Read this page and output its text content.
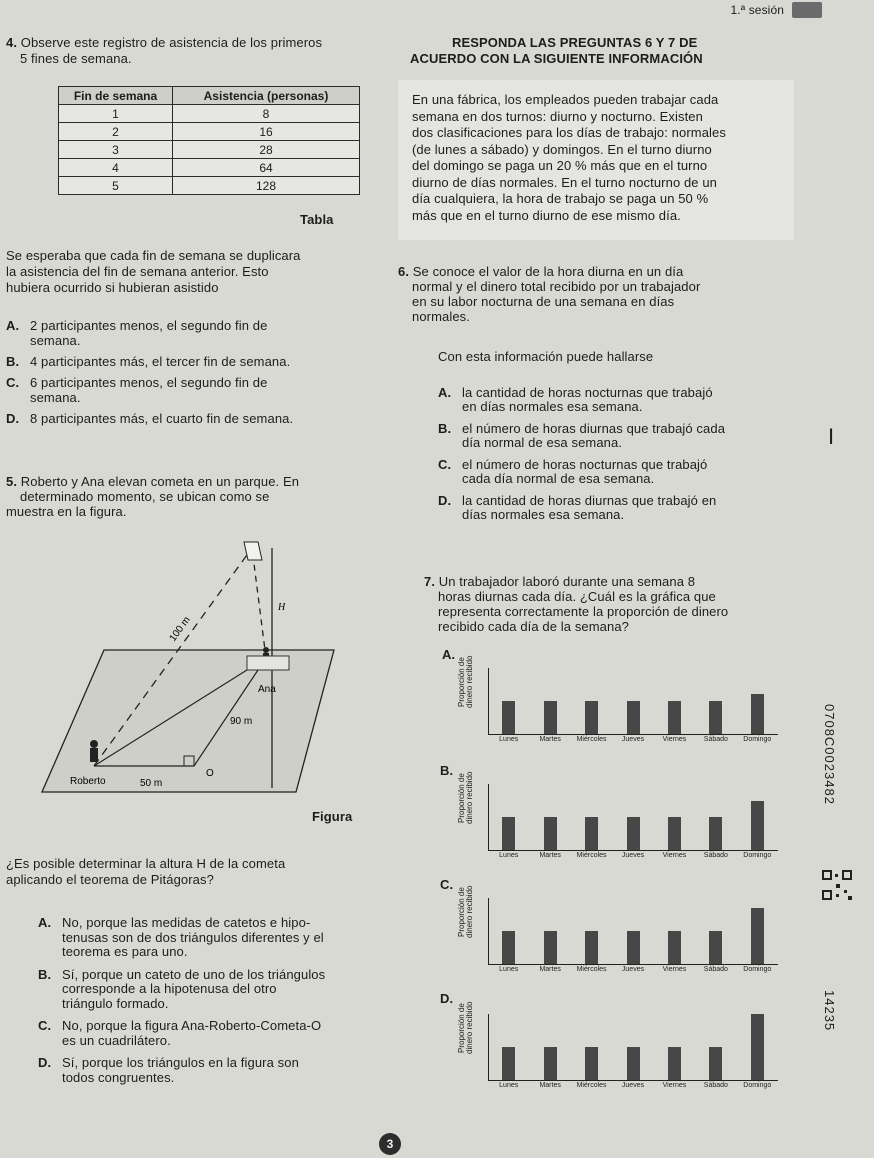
1.ª sesión
4. Observe este registro de asistencia de los primeros
5 fines de semana.
Fin de semana	Asistencia (personas)
1	8
2	16
3	28
4	64
5	128
Tabla
Se esperaba que cada fin de semana se duplicara
la asistencia del fin de semana anterior. Esto
hubiera ocurrido si hubieran asistido
A. 2 participantes menos, el segundo fin de
semana.
B. 4 participantes más, el tercer fin de semana.
C. 6 participantes menos, el segundo fin de
semana.
D. 8 participantes más, el cuarto fin de semana.
5. Roberto y Ana elevan cometa en un parque. En
determinado momento, se ubican como se
muestra en la figura.
100 m
H
Ana
90 m
Roberto	50 m
O
Figura
¿Es posible determinar la altura H de la cometa
aplicando el teorema de Pitágoras?
A. No, porque las medidas de catetos e hipo-
tenusas son de dos triángulos diferentes y el
teorema es para uno.
B. Sí, porque un cateto de uno de los triángulos
corresponde a la hipotenusa del otro
triángulo formado.
C. No, porque la figura Ana-Roberto-Cometa-O
es un cuadrilátero.
D. Sí, porque los triángulos en la figura son
todos congruentes.
RESPONDA LAS PREGUNTAS 6 Y 7 DE
ACUERDO CON LA SIGUIENTE INFORMACIÓN
En una fábrica, los empleados pueden trabajar cada
semana en dos turnos: diurno y nocturno. Existen
dos clasificaciones para los días de trabajo: normales
(de lunes a sábado) y domingos. En el turno diurno
del domingo se paga un 20 % más que en el turno
diurno de días normales. En el turno nocturno de un
día cualquiera, la hora de trabajo se paga un 50 %
más que en el turno diurno de ese mismo día.
6. Se conoce el valor de la hora diurna en un día
normal y el dinero total recibido por un trabajador
en su labor nocturna de una semana en días
normales.
Con esta información puede hallarse
A. la cantidad de horas nocturnas que trabajó
en días normales esa semana.
B. el número de horas diurnas que trabajó cada
día normal de esa semana.
C. el número de horas nocturnas que trabajó
cada día normal de esa semana.
D. la cantidad de horas diurnas que trabajó en
días normales esa semana.
Ι
7. Un trabajador laboró durante una semana 8
horas diurnas cada día. ¿Cuál es la gráfica que
representa correctamente la proporción de dinero
recibido cada día de la semana?
A.
B.
C.
D.
Proporción de dinero recibido
Lunes	Martes Miércoles Jueves	Viernes	Sábado Domingo
Proporción de dinero recibido
Lunes	Martes Miércoles Jueves	Viernes	Sábado Domingo
Proporción de dinero recibido
Lunes	Martes Miércoles Jueves	Viernes	Sábado Domingo
Proporción de dinero recibido
Lunes	Martes Miércoles Jueves	Viernes	Sábado Domingo
0708C0023482
14235
3
